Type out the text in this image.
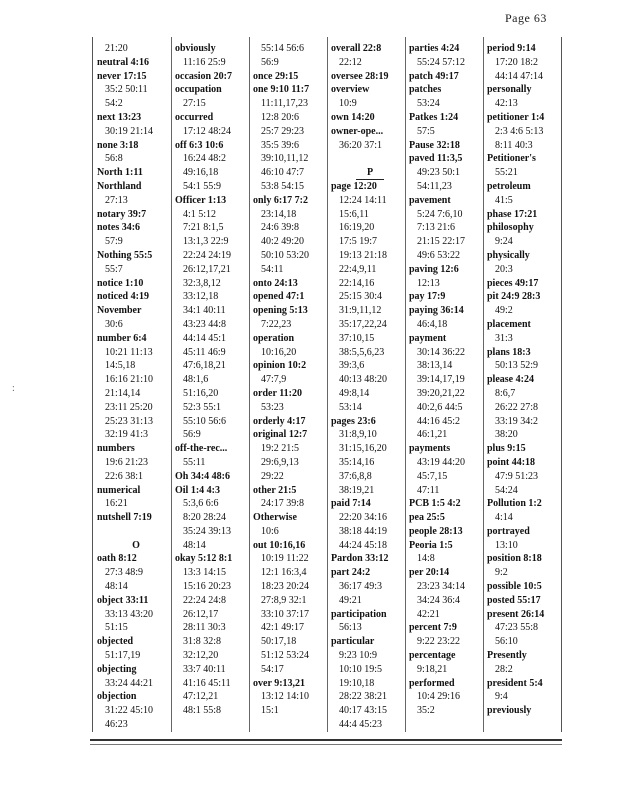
Page 63
:
21:20
neutral 4:16
never 17:15
35:2 50:11
54:2
next 13:23
30:19 21:14
none 3:18
56:8
North 1:11
Northland
27:13
notary 39:7
notes 34:6
57:9
Nothing 55:5
55:7
notice 1:10
noticed 4:19
November
30:6
number 6:4
10:21 11:13
14:5,18
16:16 21:10
21:14,14
23:11 25:20
25:23 31:13
32:19 41:3
numbers
19:6 21:23
22:6 38:1
numerical
16:21
nutshell 7:19
O
oath 8:12
27:3 48:9
48:14
object 33:11
33:13 43:20
51:15
objected
51:17,19
objecting
33:24 44:21
objection
31:22 45:10
46:23
obviously
11:16 25:9
occasion 20:7
occupation
27:15
occurred
17:12 48:24
off 6:3 10:6
16:24 48:2
49:16,18
54:1 55:9
Officer 1:13
4:1 5:12
7:21 8:1,5
13:1,3 22:9
22:24 24:19
26:12,17,21
32:3,8,12
33:12,18
34:1 40:11
43:23 44:8
44:14 45:1
45:11 46:9
47:6,18,21
48:1,6
51:16,20
52:3 55:1
55:10 56:6
56:9
off-the-rec...
55:11
Oh 34:4 48:6
Oil 1:4 4:3
5:3,6 6:6
8:20 28:24
35:24 39:13
48:14
okay 5:12 8:1
13:3 14:15
15:16 20:23
22:24 24:8
26:12,17
28:11 30:3
31:8 32:8
32:12,20
33:7 40:11
41:16 45:11
47:12,21
48:1 55:8
55:14 56:6
56:9
once 29:15
one 9:10 11:7
11:11,17,23
12:8 20:6
25:7 29:23
35:5 39:6
39:10,11,12
46:10 47:7
53:8 54:15
only 6:17 7:2
23:14,18
24:6 39:8
40:2 49:20
50:10 53:20
54:11
onto 24:13
opened 47:1
opening 5:13
7:22,23
operation
10:16,20
opinion 10:2
47:7,9
order 11:20
53:23
orderly 4:17
original 12:7
19:2 21:5
29:6,9,13
29:22
other 21:5
24:17 39:8
Otherwise
10:6
out 10:16,16
10:19 11:22
12:1 16:3,4
18:23 20:24
27:8,9 32:1
33:10 37:17
42:1 49:17
50:17,18
51:12 53:24
54:17
over 9:13,21
13:12 14:10
15:1
overall 22:8
22:12
oversee 28:19
overview
10:9
own 14:20
owner-ope...
36:20 37:1
P
page 12:20
12:24 14:11
15:6,11
16:19,20
17:5 19:7
19:13 21:18
22:4,9,11
22:14,16
25:15 30:4
31:9,11,12
35:17,22,24
37:10,15
38:5,5,6,23
39:3,6
40:13 48:20
49:8,14
53:14
pages 23:6
31:8,9,10
31:15,16,20
35:14,16
37:6,8,8
38:19,21
paid 7:14
22:20 34:16
38:18 44:19
44:24 45:18
Pardon 33:12
part 24:2
36:17 49:3
49:21
participation
56:13
particular
9:23 10:9
10:10 19:5
19:10,18
28:22 38:21
40:17 43:15
44:4 45:23
parties 4:24
55:24 57:12
patch 49:17
patches
53:24
Patkes 1:24
57:5
Pause 32:18
paved 11:3,5
49:23 50:1
54:11,23
pavement
5:24 7:6,10
7:13 21:6
21:15 22:17
49:6 53:22
paving 12:6
12:13
pay 17:9
paying 36:14
46:4,18
payment
30:14 36:22
38:13,14
39:14,17,19
39:20,21,22
40:2,6 44:5
44:16 45:2
46:1,21
payments
43:19 44:20
45:7,15
47:11
PCB 1:5 4:2
pea 25:5
people 28:13
Peoria 1:5
14:8
per 20:14
23:23 34:14
34:24 36:4
42:21
percent 7:9
9:22 23:22
percentage
9:18,21
performed
10:4 29:16
35:2
period 9:14
17:20 18:2
44:14 47:14
personally
42:13
petitioner 1:4
2:3 4:6 5:13
8:11 40:3
Petitioner's
55:21
petroleum
41:5
phase 17:21
philosophy
9:24
physically
20:3
pieces 49:17
pit 24:9 28:3
49:2
placement
31:3
plans 18:3
50:13 52:9
please 4:24
8:6,7
26:22 27:8
33:19 34:2
38:20
plus 9:15
point 44:18
47:9 51:23
54:24
Pollution 1:2
4:14
portrayed
13:10
position 8:18
9:2
possible 10:5
posted 55:17
present 26:14
47:23 55:8
56:10
Presently
28:2
president 5:4
9:4
previously
